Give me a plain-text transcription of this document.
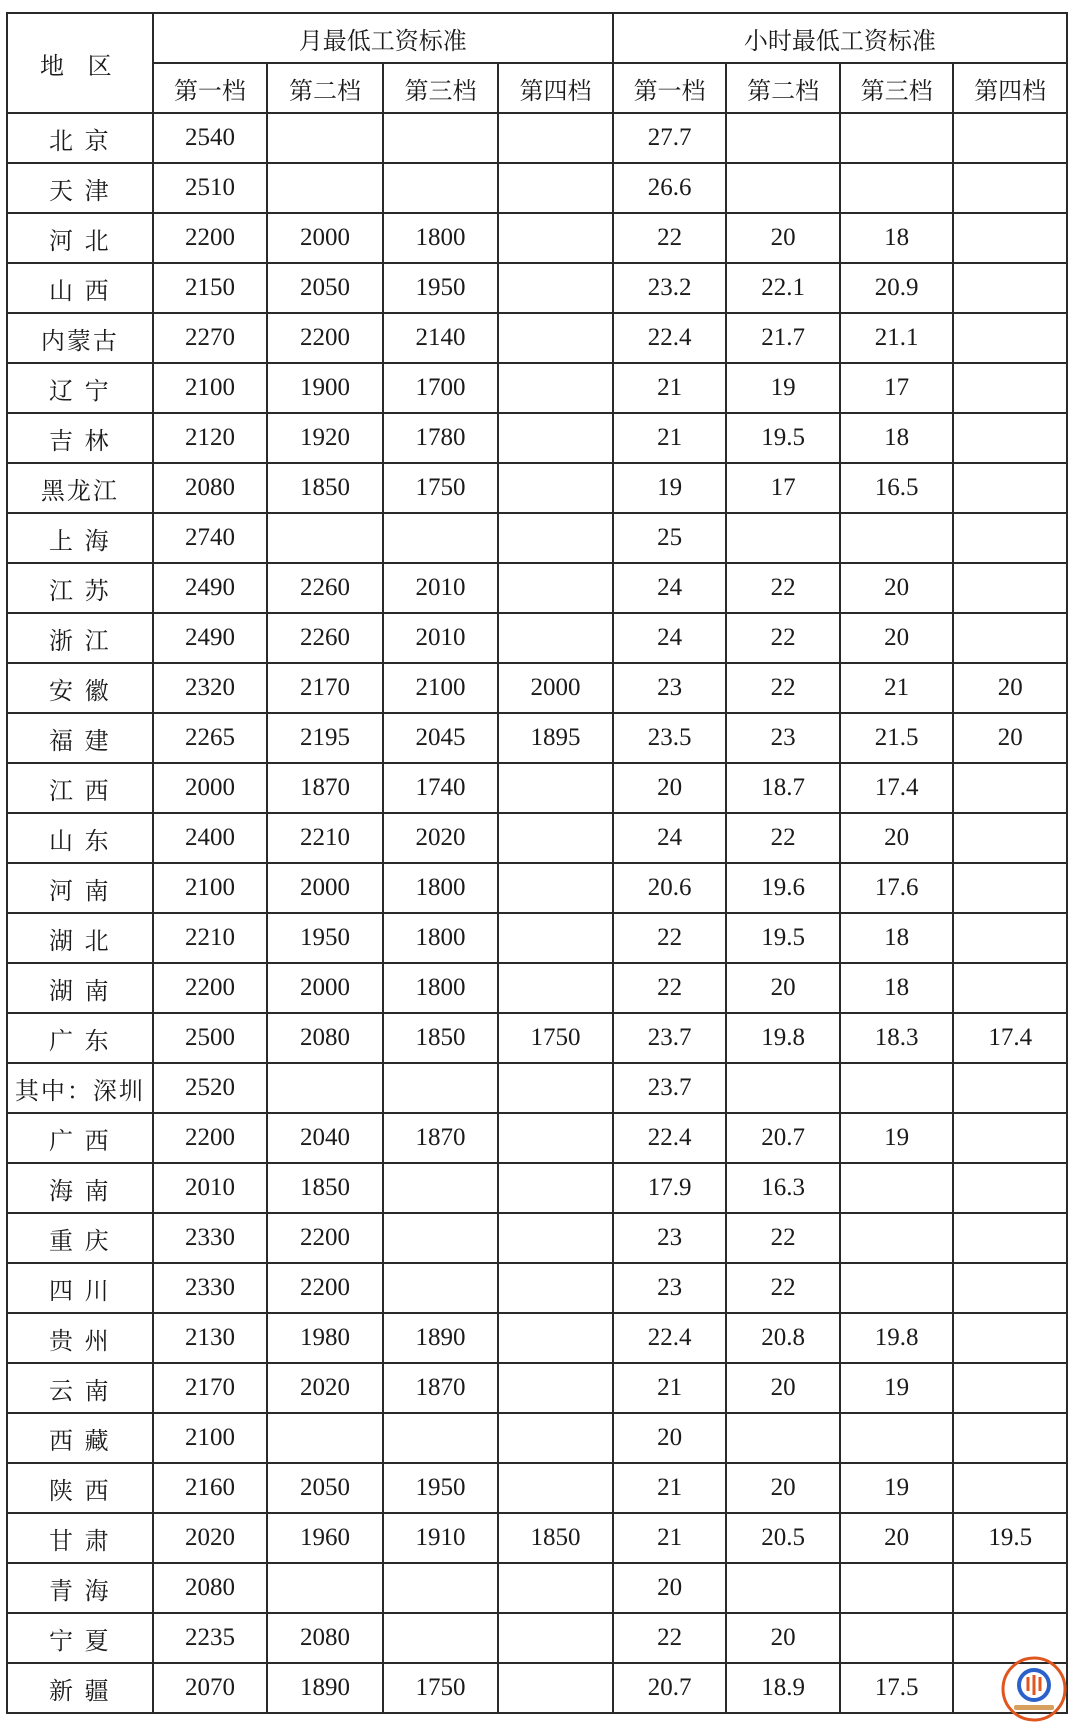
地 区	月最低工资标准				小时最低工资标准			
	第一档	第二档	第三档	第四档	第一档	第二档	第三档	第四档
北 京	2540				27.7			
天 津	2510				26.6			
河 北	2200	2000	1800		22	20	18	
山 西	2150	2050	1950		23.2	22.1	20.9	
内蒙古	2270	2200	2140		22.4	21.7	21.1	
辽 宁	2100	1900	1700		21	19	17	
吉 林	2120	1920	1780		21	19.5	18	
黑龙江	2080	1850	1750		19	17	16.5	
上 海	2740				25			
江 苏	2490	2260	2010		24	22	20	
浙 江	2490	2260	2010		24	22	20	
安 徽	2320	2170	2100	2000	23	22	21	20
福 建	2265	2195	2045	1895	23.5	23	21.5	20
江 西	2000	1870	1740		20	18.7	17.4	
山 东	2400	2210	2020		24	22	20	
河 南	2100	2000	1800		20.6	19.6	17.6	
湖 北	2210	1950	1800		22	19.5	18	
湖 南	2200	2000	1800		22	20	18	
广 东	2500	2080	1850	1750	23.7	19.8	18.3	17.4
其中：深圳	2520				23.7			
广 西	2200	2040	1870		22.4	20.7	19	
海 南	2010	1850			17.9	16.3		
重 庆	2330	2200			23	22		
四 川	2330	2200			23	22		
贵 州	2130	1980	1890		22.4	20.8	19.8	
云 南	2170	2020	1870		21	20	19	
西 藏	2100				20			
陕 西	2160	2050	1950		21	20	19	
甘 肃	2020	1960	1910	1850	21	20.5	20	19.5
青 海	2080				20			
宁 夏	2235	2080			22	20		
新 疆	2070	1890	1750		20.7	18.9	17.5	
